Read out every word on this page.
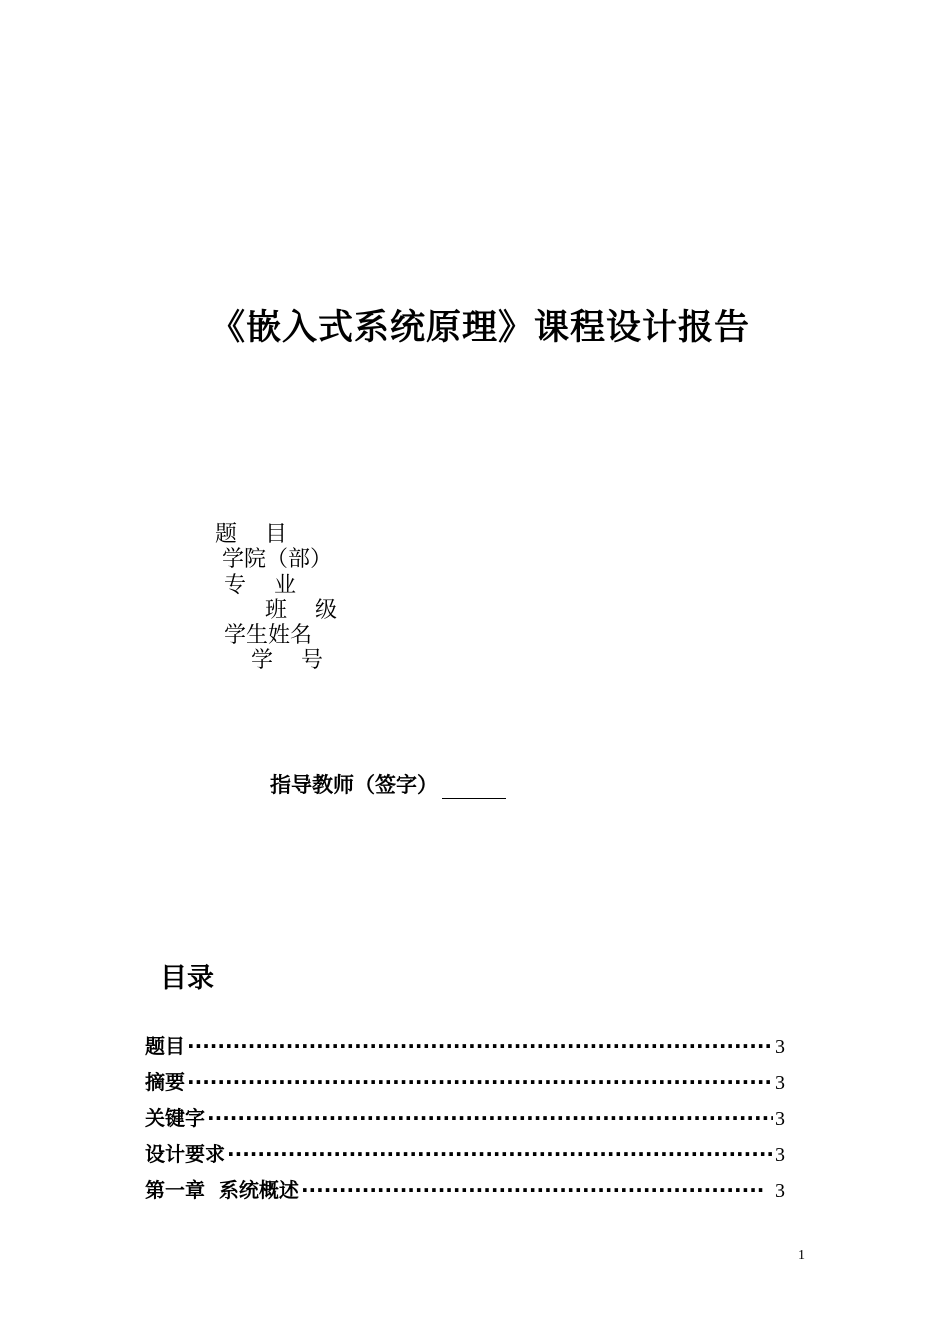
《嵌入式系统原理》课程设计报告
题    目
学院（部）
专    业
班    级
学生姓名
学    号
指导教师（签字）
目录
题目 ·····	3
摘要 ·····	3
关键字 ·····	3
设计要求 ·····	3
第一章  系统概述 ·····	3
1
